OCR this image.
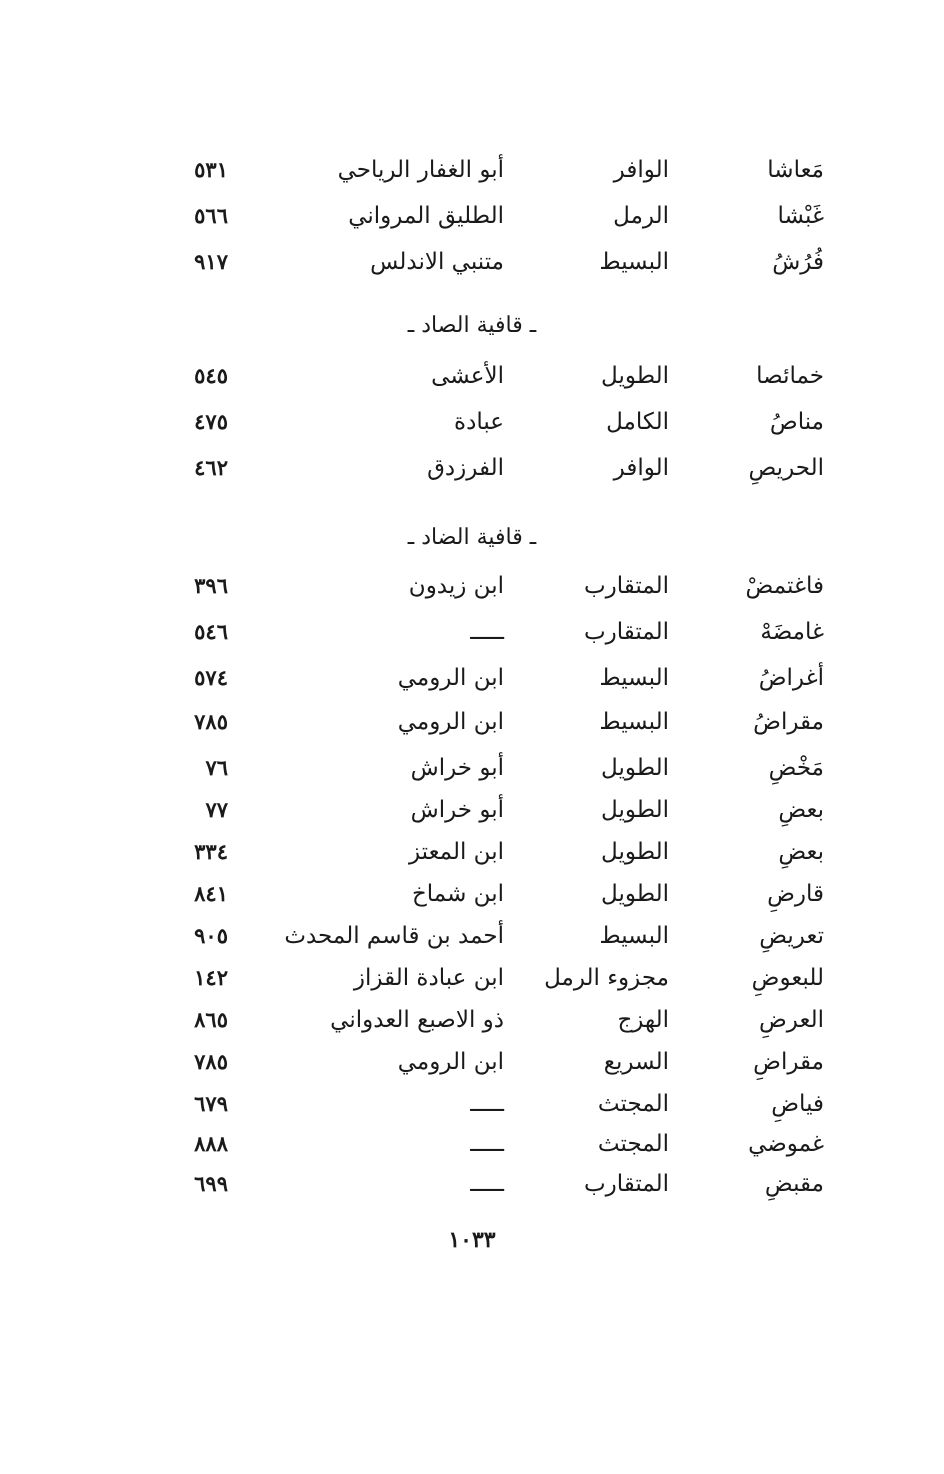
مَعاشا
الوافر
أبو الغفار الرياحي
٥٣١
غَبْشا
الرمل
الطليق المرواني
٥٦٦
فُرُشُ
البسيط
متنبي الاندلس
٩١٧
ـ قافية الصاد ـ
خمائصا
الطويل
الأعشى
٥٤٥
مناصُ
الكامل
عبادة
٤٧٥
الحريصِ
الوافر
الفرزدق
٤٦٢
ـ قافية الضاد ـ
فاغتمضْ
المتقارب
ابن زيدون
٣٩٦
غامضَهْ
المتقارب
ـــــ
٥٤٦
أغراضُ
البسيط
ابن الرومي
٥٧٤
مقراضُ
البسيط
ابن الرومي
٧٨٥
مَخْضِ
الطويل
أبو خراش
٧٦
بعضِ
الطويل
أبو خراش
٧٧
بعضِ
الطويل
ابن المعتز
٣٣٤
قارضِ
الطويل
ابن شماخ
٨٤١
تعريضِ
البسيط
أحمد بن قاسم المحدث
٩٠٥
للبعوضِ
مجزوء الرمل
ابن عبادة القزاز
١٤٢
العرضِ
الهزج
ذو الاصبع العدواني
٨٦٥
مقراضِ
السريع
ابن الرومي
٧٨٥
فياضِ
المجتث
ـــــ
٦٧٩
غموضي
المجتث
ـــــ
٨٨٨
مقبضِ
المتقارب
ـــــ
٦٩٩
١٠٣٣
